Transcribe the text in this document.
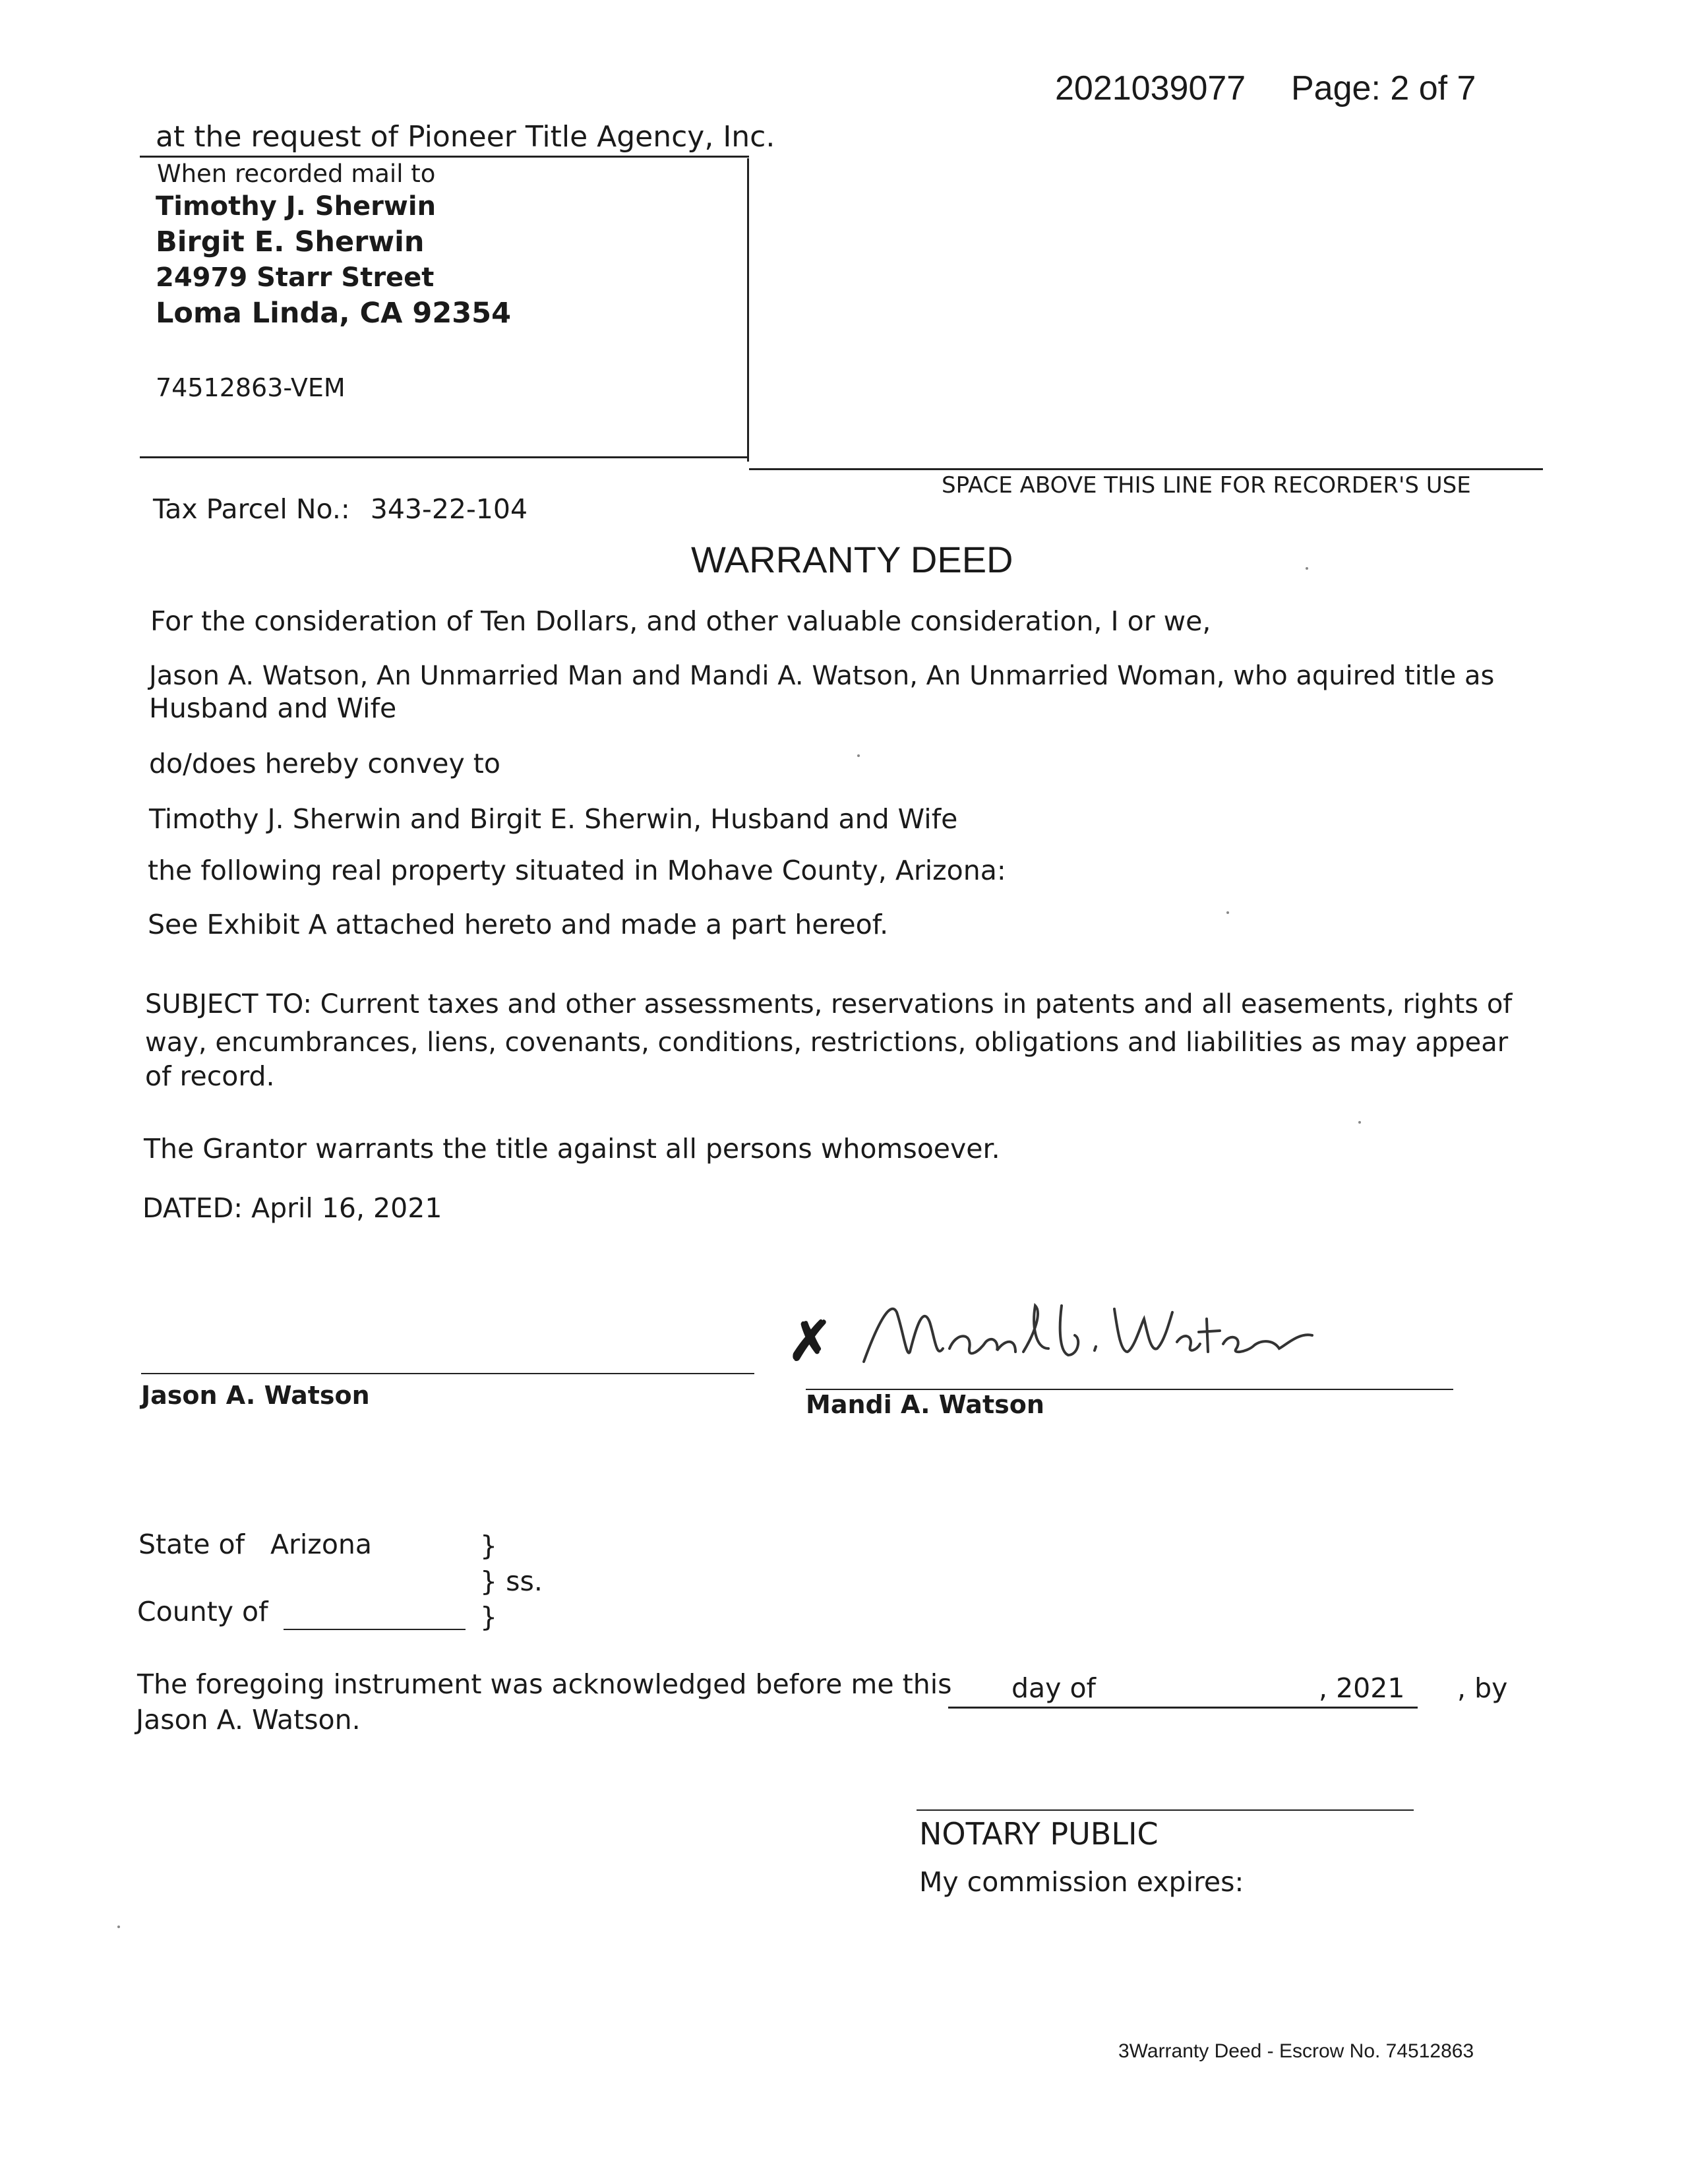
2021039077 Page: 2 of 7
at the request of Pioneer Title Agency, Inc.
When recorded mail to
Timothy J. Sherwin
Birgit E. Sherwin
24979 Starr Street
Loma Linda, CA 92354
74512863-VEM
SPACE ABOVE THIS LINE FOR RECORDER'S USE
Tax Parcel No.: 343-22-104
WARRANTY DEED
For the consideration of Ten Dollars, and other valuable consideration, I or we,
Jason A. Watson, An Unmarried Man and Mandi A. Watson, An Unmarried Woman, who aquired title as
Husband and Wife
do/does hereby convey to
Timothy J. Sherwin and Birgit E. Sherwin, Husband and Wife
the following real property situated in Mohave County, Arizona:
See Exhibit A attached hereto and made a part hereof.
SUBJECT TO: Current taxes and other assessments, reservations in patents and all easements, rights of
way, encumbrances, liens, covenants, conditions, restrictions, obligations and liabilities as may appear
of record.
The Grantor warrants the title against all persons whomsoever.
DATED: April 16, 2021
Jason A. Watson
✗
Mandi A. Watson
State of Arizona	}
} ss.
County of	}
The foregoing instrument was acknowledged before me this day of	, 2021 , by
Jason A. Watson.
NOTARY PUBLIC
My commission expires:
3Warranty Deed - Escrow No. 74512863
